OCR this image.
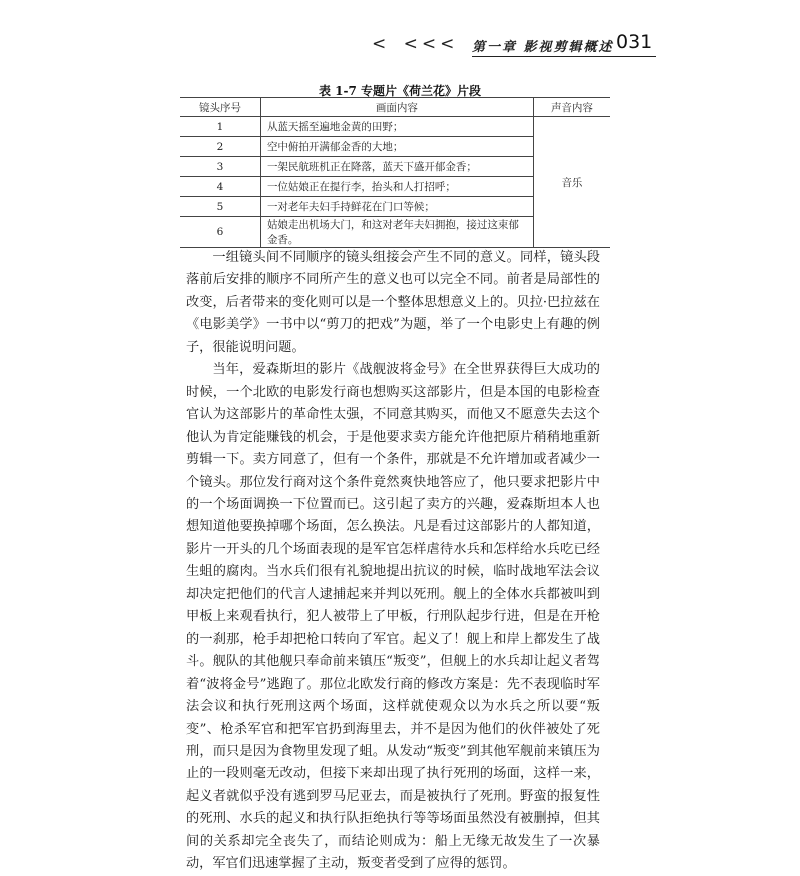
< <<<	第一章 影视剪辑概述 031
表 1-7 专题片《荷兰花》片段
镜头序号	画面内容	声音内容
1	从蓝天摇至遍地金黄的田野；	音乐
2	空中俯拍开满郁金香的大地；	
3	一架民航班机正在降落，蓝天下盛开郁金香；	
4	一位姑娘正在提行李，抬头和人打招呼；	
5	一对老年夫妇手持鲜花在门口等候；	
6	姑娘走出机场大门，和这对老年夫妇拥抱，接过这束郁金香。	

一组镜头间不同顺序的镜头组接会产生不同的意义。同样，镜头段落前后安排的顺序不同所产生的意义也可以完全不同。前者是局部性的改变，后者带来的变化则可以是一个整体思想意义上的。贝拉·巴拉兹在《电影美学》一书中以“剪刀的把戏”为题，举了一个电影史上有趣的例子，很能说明问题。

当年，爱森斯坦的影片《战舰波将金号》在全世界获得巨大成功的时候，一个北欧的电影发行商也想购买这部影片，但是本国的电影检查官认为这部影片的革命性太强，不同意其购买，而他又不愿意失去这个他认为肯定能赚钱的机会，于是他要求卖方能允许他把原片稍稍地重新剪辑一下。卖方同意了，但有一个条件，那就是不允许增加或者减少一个镜头。那位发行商对这个条件竟然爽快地答应了，他只要求把影片中的一个场面调换一下位置而已。这引起了卖方的兴趣，爱森斯坦本人也想知道他要换掉哪个场面，怎么换法。凡是看过这部影片的人都知道，影片一开头的几个场面表现的是军官怎样虐待水兵和怎样给水兵吃已经生蛆的腐肉。当水兵们很有礼貌地提出抗议的时候，临时战地军法会议却决定把他们的代言人逮捕起来并判以死刑。舰上的全体水兵都被叫到甲板上来观看执行，犯人被带上了甲板，行刑队起步行进，但是在开枪的一刹那，枪手却把枪口转向了军官。起义了！舰上和岸上都发生了战斗。舰队的其他舰只奉命前来镇压“叛变”，但舰上的水兵却让起义者驾着“波将金号”逃跑了。那位北欧发行商的修改方案是：先不表现临时军法会议和执行死刑这两个场面，这样就使观众以为水兵之所以要“叛变”、枪杀军官和把军官扔到海里去，并不是因为他们的伙伴被处了死刑，而只是因为食物里发现了蛆。从发动“叛变”到其他军舰前来镇压为止的一段则毫无改动，但接下来却出现了执行死刑的场面，这样一来，起义者就似乎没有逃到罗马尼亚去，而是被执行了死刑。野蛮的报复性的死刑、水兵的起义和执行队拒绝执行等等场面虽然没有被删掉，但其间的关系却完全丧失了，而结论则成为：船上无缘无故发生了一次暴动，军官们迅速掌握了主动，叛变者受到了应得的惩罚。
